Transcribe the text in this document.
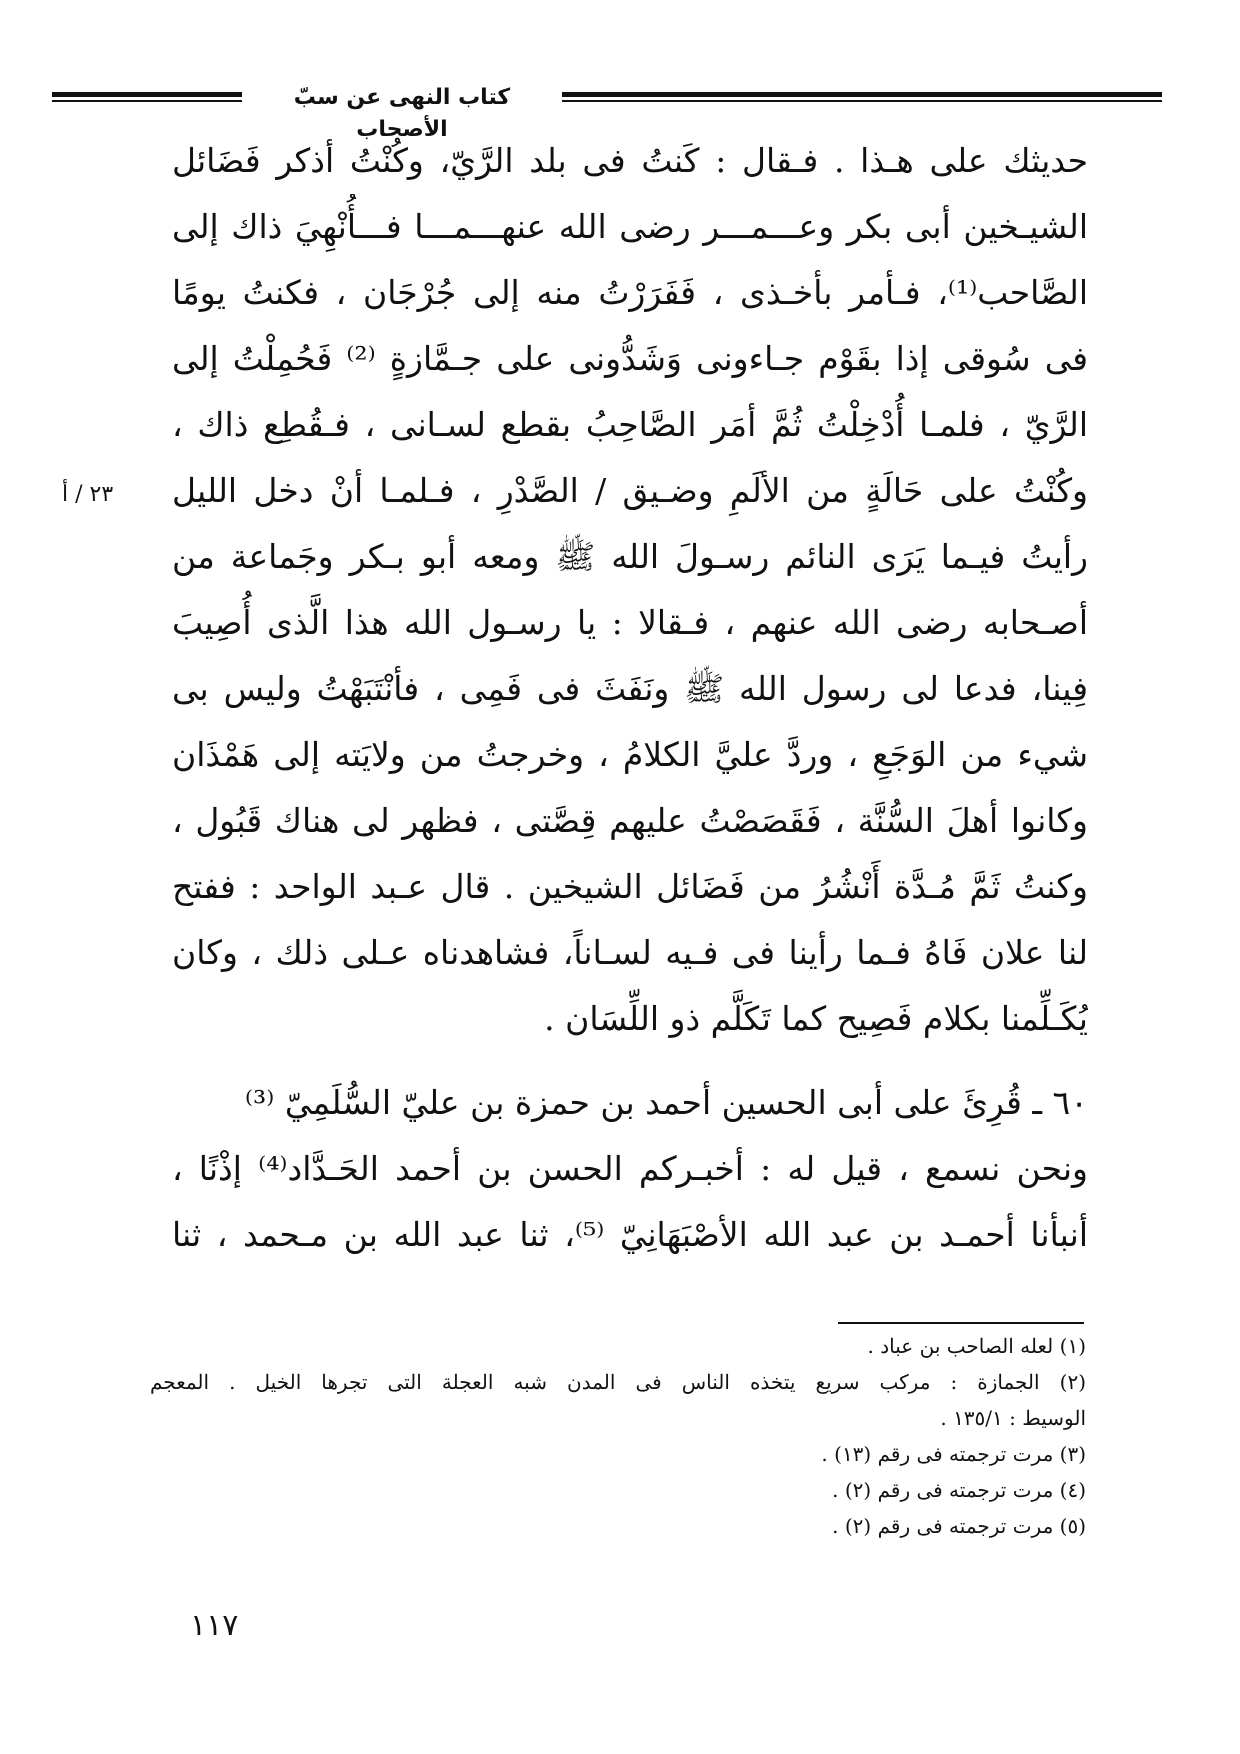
كتاب النهى عن سبّ الأصحاب
٢٣ / أ
حديثك على هـذا . فـقال : كَنتُ فى بلد الرَّيّ، وكُنْتُ أذكر فَضَائل
الشيـخين أبى بكر وعـــمـــر رضى الله عنهـــمـــا فـــأُنْهِيَ ذاك إلى
الصَّاحب⁽¹⁾، فـأمر بأخـذى ، فَفَرَرْتُ منه إلى جُرْجَان ، فكنتُ يومًا
فى سُوقى إذا بقَوْم جـاءونى وَشَدُّونى على جـمَّازةٍ ⁽²⁾ فَحُمِلْتُ إلى
الرَّيّ ، فلمـا أُدْخِلْتُ ثُمَّ أمَر الصَّاحِبُ بقطع لسـانى ، فـقُطِع ذاك ،
وكُنْتُ على حَالَةٍ من الألَمِ وضـيق / الصَّدْرِ ، فـلمـا أنْ دخل الليل
رأيتُ فيـما يَرَى النائم رسـولَ الله ﷺ ومعه أبو بـكر وجَماعة من
أصـحابه رضى الله عنهم ، فـقالا : يا رسـول الله هذا الَّذى أُصِيبَ
فِينا، فدعا لى رسول الله ﷺ ونَفَثَ فى فَمِى ، فأنْتَبَهْتُ وليس بى
شيء من الوَجَعِ ، وردَّ عليَّ الكلامُ ، وخرجتُ من ولايَته إلى هَمْذَان
وكانوا أهلَ السُّنَّة ، فَقَصَصْتُ عليهم قِصَّتى ، فظهر لى هناك قَبُول ،
وكنتُ ثَمَّ مُـدَّة أَنْشُرُ من فَضَائل الشيخين . قال عـبد الواحد : ففتح
لنا علان فَاهُ فـما رأينا فى فـيه لسـاناً، فشاهدناه عـلى ذلك ، وكان
يُكَـلِّمنا بكلام فَصِيح كما تَكَلَّم ذو اللِّسَان .
٦٠ ـ قُرِئَ على أبى الحسين أحمد بن حمزة بن عليّ السُّلَمِيّ ⁽³⁾
ونحن نسمع ، قيل له : أخبـركم الحسن بن أحمد الحَـدَّاد⁽⁴⁾ إذْنًا ،
أنبأنا أحمـد بن عبد الله الأصْبَهَانِيّ ⁽⁵⁾، ثنا عبد الله بن مـحمد ، ثنا
(١) لعله الصاحب بن عباد .
(٢) الجمازة : مركب سريع يتخذه الناس فى المدن شبه العجلة التى تجرها الخيل . المعجم
الوسيط : ١٣٥/١ .
(٣) مرت ترجمته فى رقم (١٣) .
(٤) مرت ترجمته فى رقم (٢) .
(٥) مرت ترجمته فى رقم (٢) .
١١٧
